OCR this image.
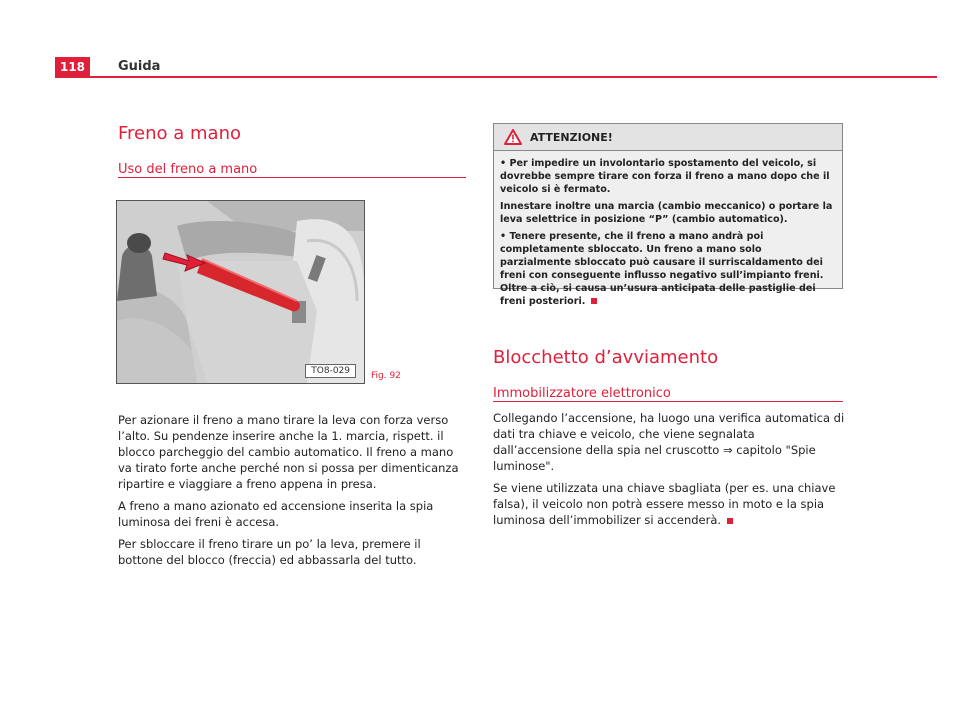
118	Guida
Freno a mano
Uso del freno a mano
TO8-029	Fig. 92

Per azionare il freno a mano tirare la leva con forza verso l’alto. Su pendenze inserire anche la 1. marcia, rispett. il blocco parcheggio del cambio automatico. Il freno a mano va tirato forte anche perché non si possa per dimenticanza ripartire e viaggiare a freno appena in presa.

A freno a mano azionato ed accensione inserita la spia luminosa dei freni è accesa.

Per sbloccare il freno tirare un po’ la leva, premere il bottone del blocco (freccia) ed abbassarla del tutto.

ATTENZIONE!

• Per impedire un involontario spostamento del veicolo, si dovrebbe sempre tirare con forza il freno a mano dopo che il veicolo si è fermato.

Innestare inoltre una marcia (cambio meccanico) o portare la leva selettrice in posizione “P” (cambio automatico).

• Tenere presente, che il freno a mano andrà poi completamente sbloccato. Un freno a mano solo parzialmente sbloccato può causare il surriscaldamento dei freni con conseguente influsso negativo sull’impianto freni. Oltre a ciò, si causa un’usura anticipata delle pastiglie dei freni posteriori.

Blocchetto d’avviamento
Immobilizzatore elettronico

Collegando l’accensione, ha luogo una verifica automatica di dati tra chiave e veicolo, che viene segnalata dall’accensione della spia nel cruscotto ⇒ capitolo "Spie luminose".

Se viene utilizzata una chiave sbagliata (per es. una chiave falsa), il veicolo non potrà essere messo in moto e la spia luminosa dell’immobilizer si accenderà.
